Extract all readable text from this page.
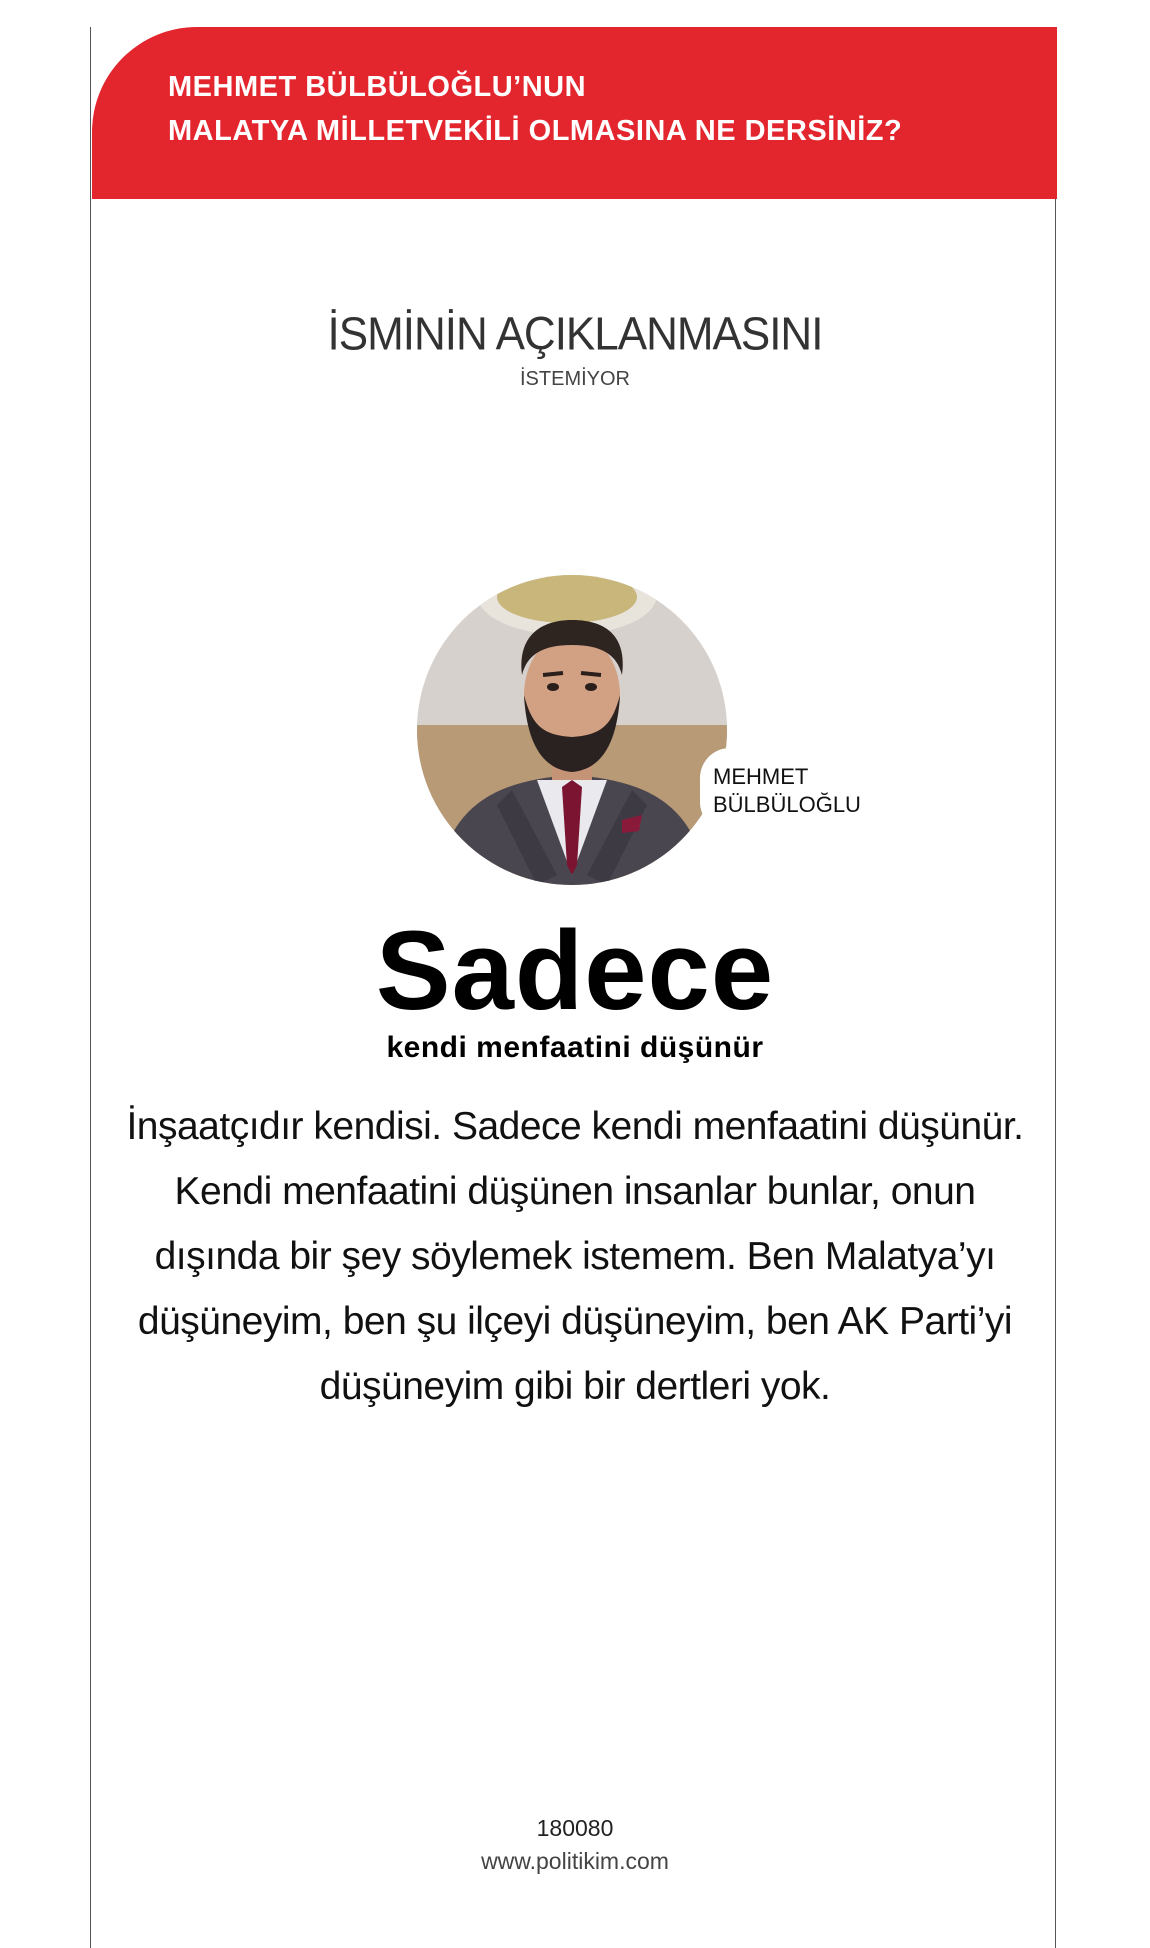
MEHMET BÜLBÜLOĞLU’NUN
MALATYA MİLLETVEKİLİ OLMASINA NE DERSİNİZ?
İSMİNİN AÇIKLANMASINI
İSTEMİYOR
MEHMET
BÜLBÜLOĞLU
Sadece
kendi menfaatini düşünür
İnşaatçıdır kendisi. Sadece kendi menfaatini düşünür. Kendi menfaatini düşünen insanlar bunlar, onun dışında bir şey söylemek istemem. Ben Malatya’yı düşüneyim, ben şu ilçeyi düşüneyim, ben AK Parti’yi düşüneyim gibi bir dertleri yok.
180080
www.politikim.com
